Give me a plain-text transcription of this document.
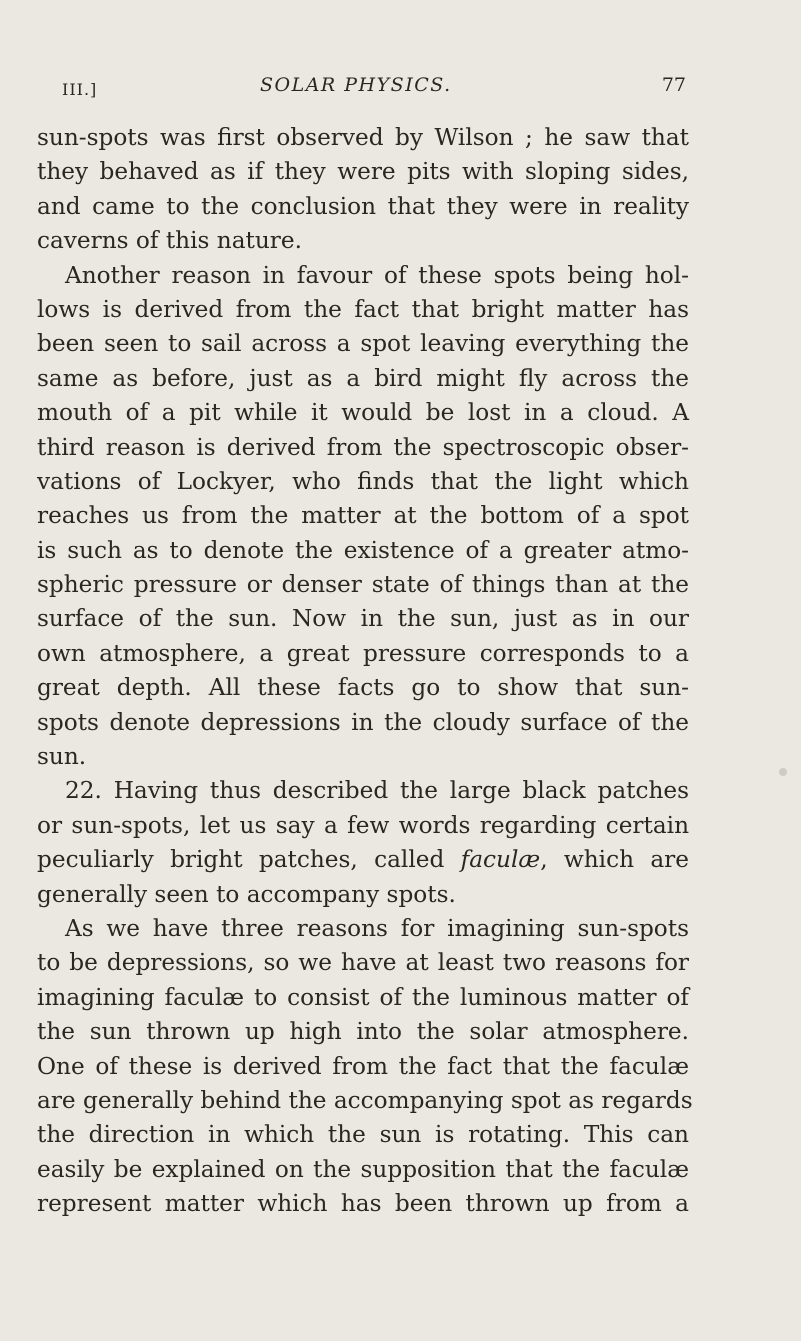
III.]	SOLAR PHYSICS.	77
sun-spots was first observed by Wilson ; he saw that
they behaved as if they were pits with sloping sides,
and came to the conclusion that they were in reality
caverns of this nature.
Another reason in favour of these spots being hol-
lows is derived from the fact that bright matter has
been seen to sail across a spot leaving everything the
same as before, just as a bird might fly across the
mouth of a pit while it would be lost in a cloud. A
third reason is derived from the spectroscopic obser-
vations of Lockyer, who finds that the light which
reaches us from the matter at the bottom of a spot
is such as to denote the existence of a greater atmo-
spheric pressure or denser state of things than at the
surface of the sun. Now in the sun, just as in our
own atmosphere, a great pressure corresponds to a
great depth. All these facts go to show that sun-
spots denote depressions in the cloudy surface of the
sun.
22. Having thus described the large black patches
or sun-spots, let us say a few words regarding certain
peculiarly bright patches, called faculæ, which are
generally seen to accompany spots.
As we have three reasons for imagining sun-spots
to be depressions, so we have at least two reasons for
imagining faculæ to consist of the luminous matter of
the sun thrown up high into the solar atmosphere.
One of these is derived from the fact that the faculæ
are generally behind the accompanying spot as regards
the direction in which the sun is rotating. This can
easily be explained on the supposition that the faculæ
represent matter which has been thrown up from a
